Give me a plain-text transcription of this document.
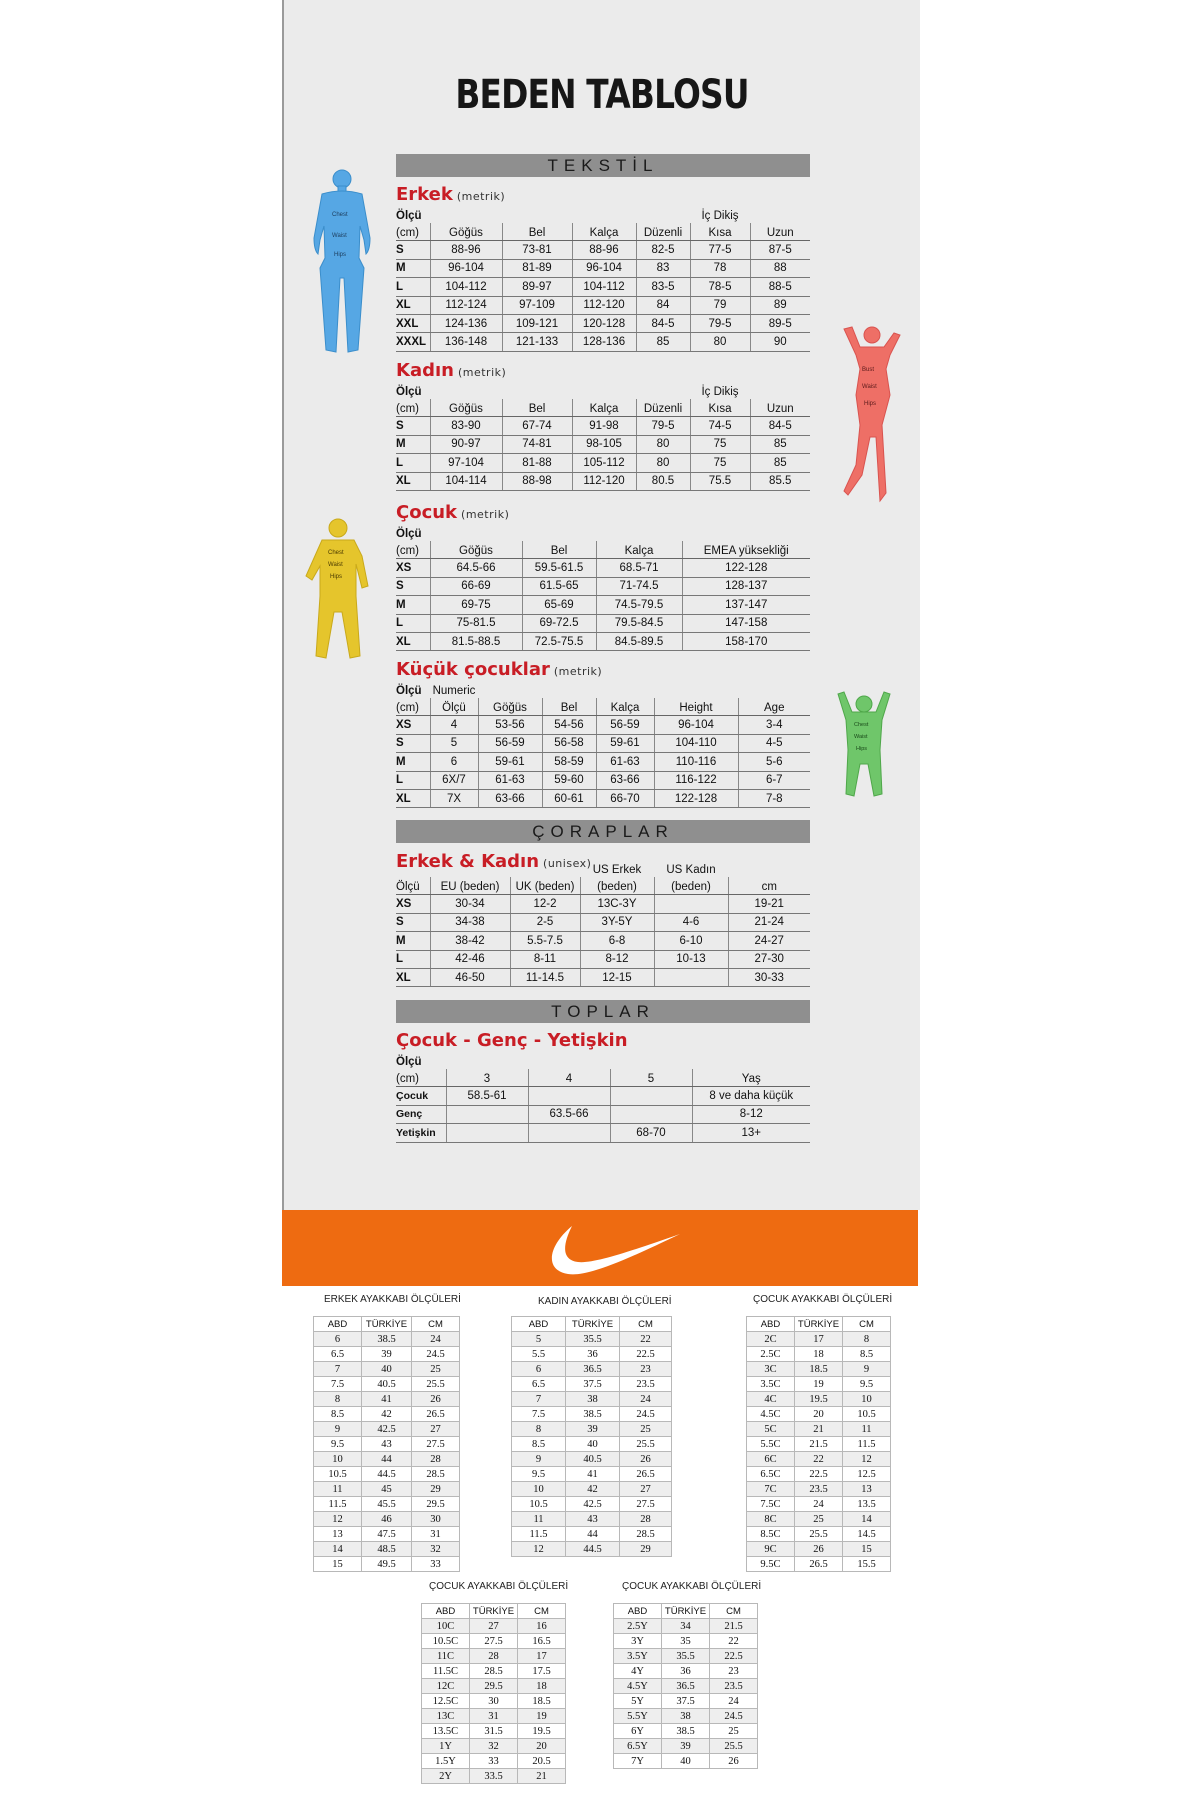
BEDEN TABLOSU
TEKSTİL
Erkek (metrik)
Ölçü					İç Dikiş	
(cm)	Göğüs	Bel	Kalça	Düzenli	Kısa	Uzun
S	88-96	73-81	88-96	82-5	77-5	87-5
M	96-104	81-89	96-104	83	78	88
L	104-112	89-97	104-112	83-5	78-5	88-5
XL	112-124	97-109	112-120	84	79	89
XXL	124-136	109-121	120-128	84-5	79-5	89-5
XXXL	136-148	121-133	128-136	85	80	90
Kadın (metrik)
Ölçü					İç Dikiş	
(cm)	Göğüs	Bel	Kalça	Düzenli	Kısa	Uzun
S	83-90	67-74	91-98	79-5	74-5	84-5
M	90-97	74-81	98-105	80	75	85
L	97-104	81-88	105-112	80	75	85
XL	104-114	88-98	112-120	80.5	75.5	85.5
Çocuk (metrik)
Ölçü				
(cm)	Göğüs	Bel	Kalça	EMEA yüksekliği
XS	64.5-66	59.5-61.5	68.5-71	122-128
S	66-69	61.5-65	71-74.5	128-137
M	69-75	65-69	74.5-79.5	137-147
L	75-81.5	69-72.5	79.5-84.5	147-158
XL	81.5-88.5	72.5-75.5	84.5-89.5	158-170
Küçük çocuklar (metrik)
Ölçü	Numeric					
(cm)	Ölçü	Göğüs	Bel	Kalça	Height	Age
XS	4	53-56	54-56	56-59	96-104	3-4
S	5	56-59	56-58	59-61	104-110	4-5
M	6	59-61	58-59	61-63	110-116	5-6
L	6X/7	61-63	59-60	63-66	116-122	6-7
XL	7X	63-66	60-61	66-70	122-128	7-8
ÇORAPLAR
Erkek & Kadın (unisex)
			US Erkek	US Kadın	
Ölçü	EU (beden)	UK (beden)	(beden)	(beden)	cm
XS	30-34	12-2	13C-3Y		19-21
S	34-38	2-5	3Y-5Y	4-6	21-24
M	38-42	5.5-7.5	6-8	6-10	24-27
L	42-46	8-11	8-12	10-13	27-30
XL	46-50	11-14.5	12-15		30-33
TOPLAR
Çocuk - Genç - Yetişkin
Ölçü				
(cm)	3	4	5	Yaş
Çocuk	58.5-61			8 ve daha küçük
Genç		63.5-66		8-12
Yetişkin			68-70	13+
Chest
Waist
Hips
Bust
Waist
Hips
Chest
Waist
Hips
Chest
Waist
Hips
ERKEK AYAKKABI ÖLÇÜLERİ
ABD	TÜRKİYE	CM
6	38.5	24
6.5	39	24.5
7	40	25
7.5	40.5	25.5
8	41	26
8.5	42	26.5
9	42.5	27
9.5	43	27.5
10	44	28
10.5	44.5	28.5
11	45	29
11.5	45.5	29.5
12	46	30
13	47.5	31
14	48.5	32
15	49.5	33
KADIN AYAKKABI ÖLÇÜLERİ
ABD	TÜRKİYE	CM
5	35.5	22
5.5	36	22.5
6	36.5	23
6.5	37.5	23.5
7	38	24
7.5	38.5	24.5
8	39	25
8.5	40	25.5
9	40.5	26
9.5	41	26.5
10	42	27
10.5	42.5	27.5
11	43	28
11.5	44	28.5
12	44.5	29
ÇOCUK AYAKKABI ÖLÇÜLERİ
ABD	TÜRKİYE	CM
2C	17	8
2.5C	18	8.5
3C	18.5	9
3.5C	19	9.5
4C	19.5	10
4.5C	20	10.5
5C	21	11
5.5C	21.5	11.5
6C	22	12
6.5C	22.5	12.5
7C	23.5	13
7.5C	24	13.5
8C	25	14
8.5C	25.5	14.5
9C	26	15
9.5C	26.5	15.5
ÇOCUK AYAKKABI ÖLÇÜLERİ
ABD	TÜRKİYE	CM
10C	27	16
10.5C	27.5	16.5
11C	28	17
11.5C	28.5	17.5
12C	29.5	18
12.5C	30	18.5
13C	31	19
13.5C	31.5	19.5
1Y	32	20
1.5Y	33	20.5
2Y	33.5	21
ÇOCUK AYAKKABI ÖLÇÜLERİ
ABD	TÜRKİYE	CM
2.5Y	34	21.5
3Y	35	22
3.5Y	35.5	22.5
4Y	36	23
4.5Y	36.5	23.5
5Y	37.5	24
5.5Y	38	24.5
6Y	38.5	25
6.5Y	39	25.5
7Y	40	26
